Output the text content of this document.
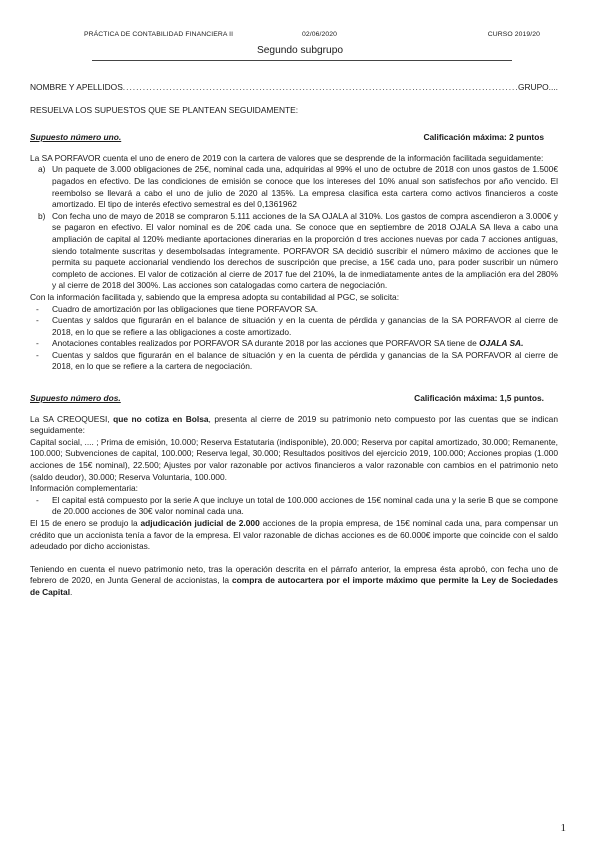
PRÁCTICA DE CONTABILIDAD FINANCIERA II	02/06/2020	CURSO 2019/20
Segundo subgrupo
NOMBRE Y APELLIDOS
.....	GRUPO....

RESUELVA LOS SUPUESTOS QUE SE PLANTEAN SEGUIDAMENTE:

Supuesto número uno.	Calificación máxima: 2 puntos

La SA PORFAVOR cuenta el uno de enero de 2019 con la cartera de valores que se desprende de la información facilitada seguidamente:

a) Un paquete de 3.000 obligaciones de 25€, nominal cada una, adquiridas al 99% el uno de octubre de 2018 con unos gastos de 1.500€ pagados en efectivo. De las condiciones de emisión se conoce que los intereses del 10% anual son satisfechos por año vencido. El reembolso se llevará a cabo el uno de julio de 2020 al 135%. La empresa clasifica esta cartera como activos financieros a coste amortizado. El tipo de interés efectivo semestral es del 0,1361962
b) Con fecha uno de mayo de 2018 se compraron 5.111 acciones de la SA OJALA al 310%. Los gastos de compra ascendieron a 3.000€ y se pagaron en efectivo. El valor nominal es de 20€ cada una. Se conoce que en septiembre de 2018 OJALA SA lleva a cabo una ampliación de capital al 120% mediante aportaciones dinerarias en la proporción d tres acciones nuevas por cada 7 acciones antiguas, siendo totalmente suscritas y desembolsadas íntegramente. PORFAVOR SA decidió suscribir el número máximo de acciones que le permita su paquete accionarial vendiendo los derechos de suscripción que precise, a 15€ cada uno, para poder suscribir un número completo de acciones. El valor de cotización al cierre de 2017 fue del 210%, la de inmediatamente antes de la ampliación era del 280% y al cierre de 2018 del 300%. Las acciones son catalogadas como cartera de negociación.

Con la información facilitada y, sabiendo que la empresa adopta su contabilidad al PGC, se solicita:

- Cuadro de amortización por las obligaciones que tiene PORFAVOR SA.
- Cuentas y saldos que figurarán en el balance de situación y en la cuenta de pérdida y ganancias de la SA PORFAVOR al cierre de 2018, en lo que se refiere a las obligaciones a coste amortizado.
- Anotaciones contables realizados por PORFAVOR SA durante 2018 por las acciones que PORFAVOR SA tiene de OJALA SA.
- Cuentas y saldos que figurarán en el balance de situación y en la cuenta de pérdida y ganancias de la SA PORFAVOR al cierre de 2018, en lo que se refiere a la cartera de negociación.
Supuesto número dos.	Calificación máxima: 1,5 puntos.

La SA CREOQUESI, que no cotiza en Bolsa, presenta al cierre de 2019 su patrimonio neto compuesto por las cuentas que se indican seguidamente:

Capital social, .... ; Prima de emisión, 10.000; Reserva Estatutaria (indisponible), 20.000; Reserva por capital amortizado, 30.000; Remanente, 100.000; Subvenciones de capital, 100.000; Reserva legal, 30.000; Resultados positivos del ejercicio 2019, 100.000; Acciones propias (1.000 acciones de 15€ nominal), 22.500; Ajustes por valor razonable por activos financieros a valor razonable con cambios en el patrimonio neto (saldo deudor), 30.000; Reserva Voluntaria, 100.000.

Información complementaria:

- El capital está compuesto por la serie A que incluye un total de 100.000 acciones de 15€ nominal cada una y la serie B que se compone de 20.000 acciones de 30€ valor nominal cada una.

El 15 de enero se produjo la adjudicación judicial de 2.000 acciones de la propia empresa, de 15€ nominal cada una, para compensar un crédito que un accionista tenía a favor de la empresa. El valor razonable de dichas acciones es de 60.000€ importe que coincide con el saldo adeudado por dicho accionistas.

Teniendo en cuenta el nuevo patrimonio neto, tras la operación descrita en el párrafo anterior, la empresa ésta aprobó, con fecha uno de febrero de 2020, en Junta General de accionistas, la compra de autocartera por el importe máximo que permite la Ley de Sociedades de Capital.

1
